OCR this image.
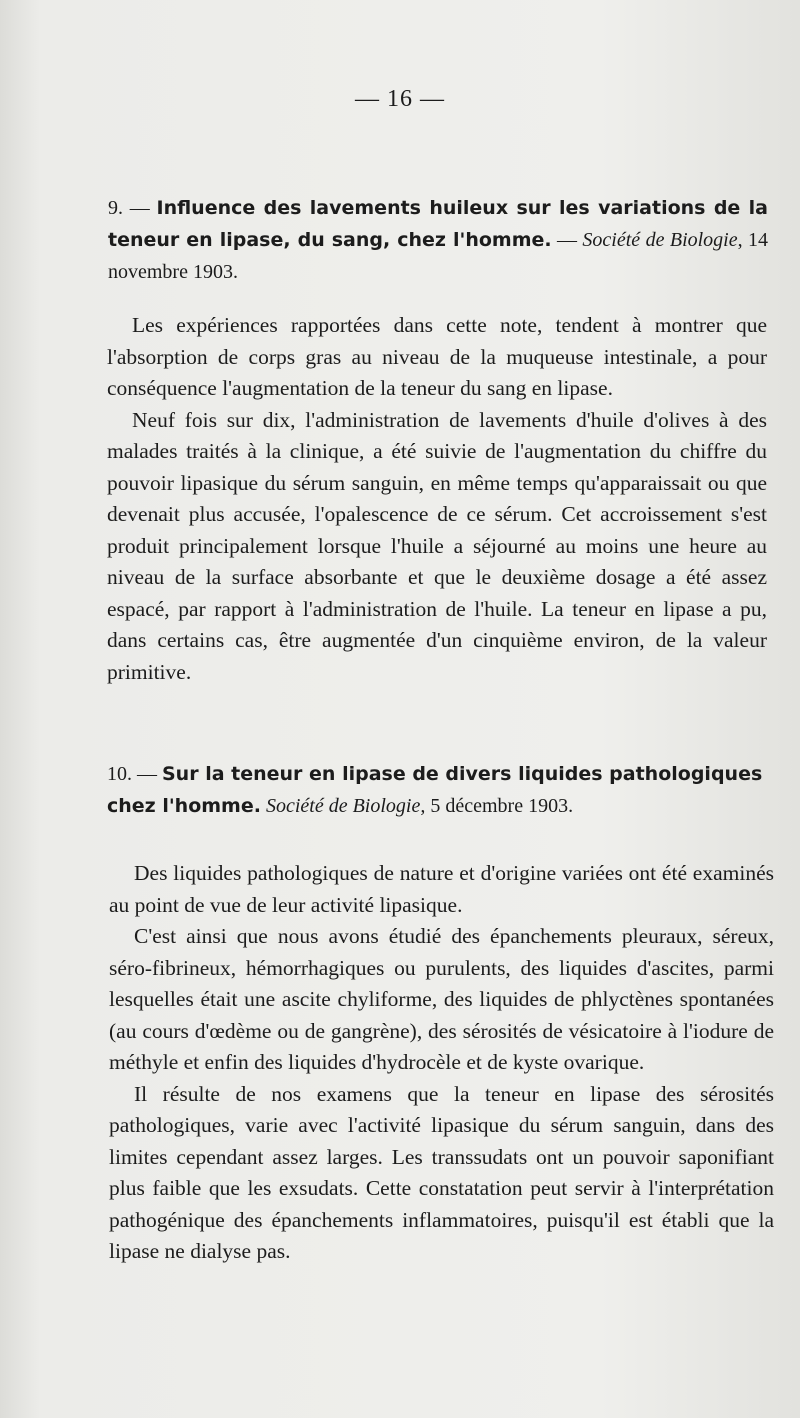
— 16 —
9. — Influence des lavements huileux sur les variations de la teneur en lipase, du sang, chez l'homme. — Société de Biologie, 14 novembre 1903.

Les expériences rapportées dans cette note, tendent à montrer que l'absorption de corps gras au niveau de la muqueuse intestinale, a pour conséquence l'augmentation de la teneur du sang en lipase.

Neuf fois sur dix, l'administration de lavements d'huile d'olives à des malades traités à la clinique, a été suivie de l'augmentation du chiffre du pouvoir lipasique du sérum sanguin, en même temps qu'apparaissait ou que devenait plus accusée, l'opalescence de ce sérum. Cet accroissement s'est produit principalement lorsque l'huile a séjourné au moins une heure au niveau de la surface absorbante et que le deuxième dosage a été assez espacé, par rapport à l'administration de l'huile. La teneur en lipase a pu, dans certains cas, être augmentée d'un cinquième environ, de la valeur primitive.

10. — Sur la teneur en lipase de divers liquides pathologiques chez l'homme. Société de Biologie, 5 décembre 1903.

Des liquides pathologiques de nature et d'origine variées ont été examinés au point de vue de leur activité lipasique.

C'est ainsi que nous avons étudié des épanchements pleuraux, séreux, séro-fibrineux, hémorrhagiques ou purulents, des liquides d'ascites, parmi lesquelles était une ascite chyliforme, des liquides de phlyctènes spontanées (au cours d'œdème ou de gangrène), des sérosités de vésicatoire à l'iodure de méthyle et enfin des liquides d'hydrocèle et de kyste ovarique.

Il résulte de nos examens que la teneur en lipase des sérosités pathologiques, varie avec l'activité lipasique du sérum sanguin, dans des limites cependant assez larges. Les transsudats ont un pouvoir saponifiant plus faible que les exsudats. Cette constatation peut servir à l'interprétation pathogénique des épanchements inflammatoires, puisqu'il est établi que la lipase ne dialyse pas.
